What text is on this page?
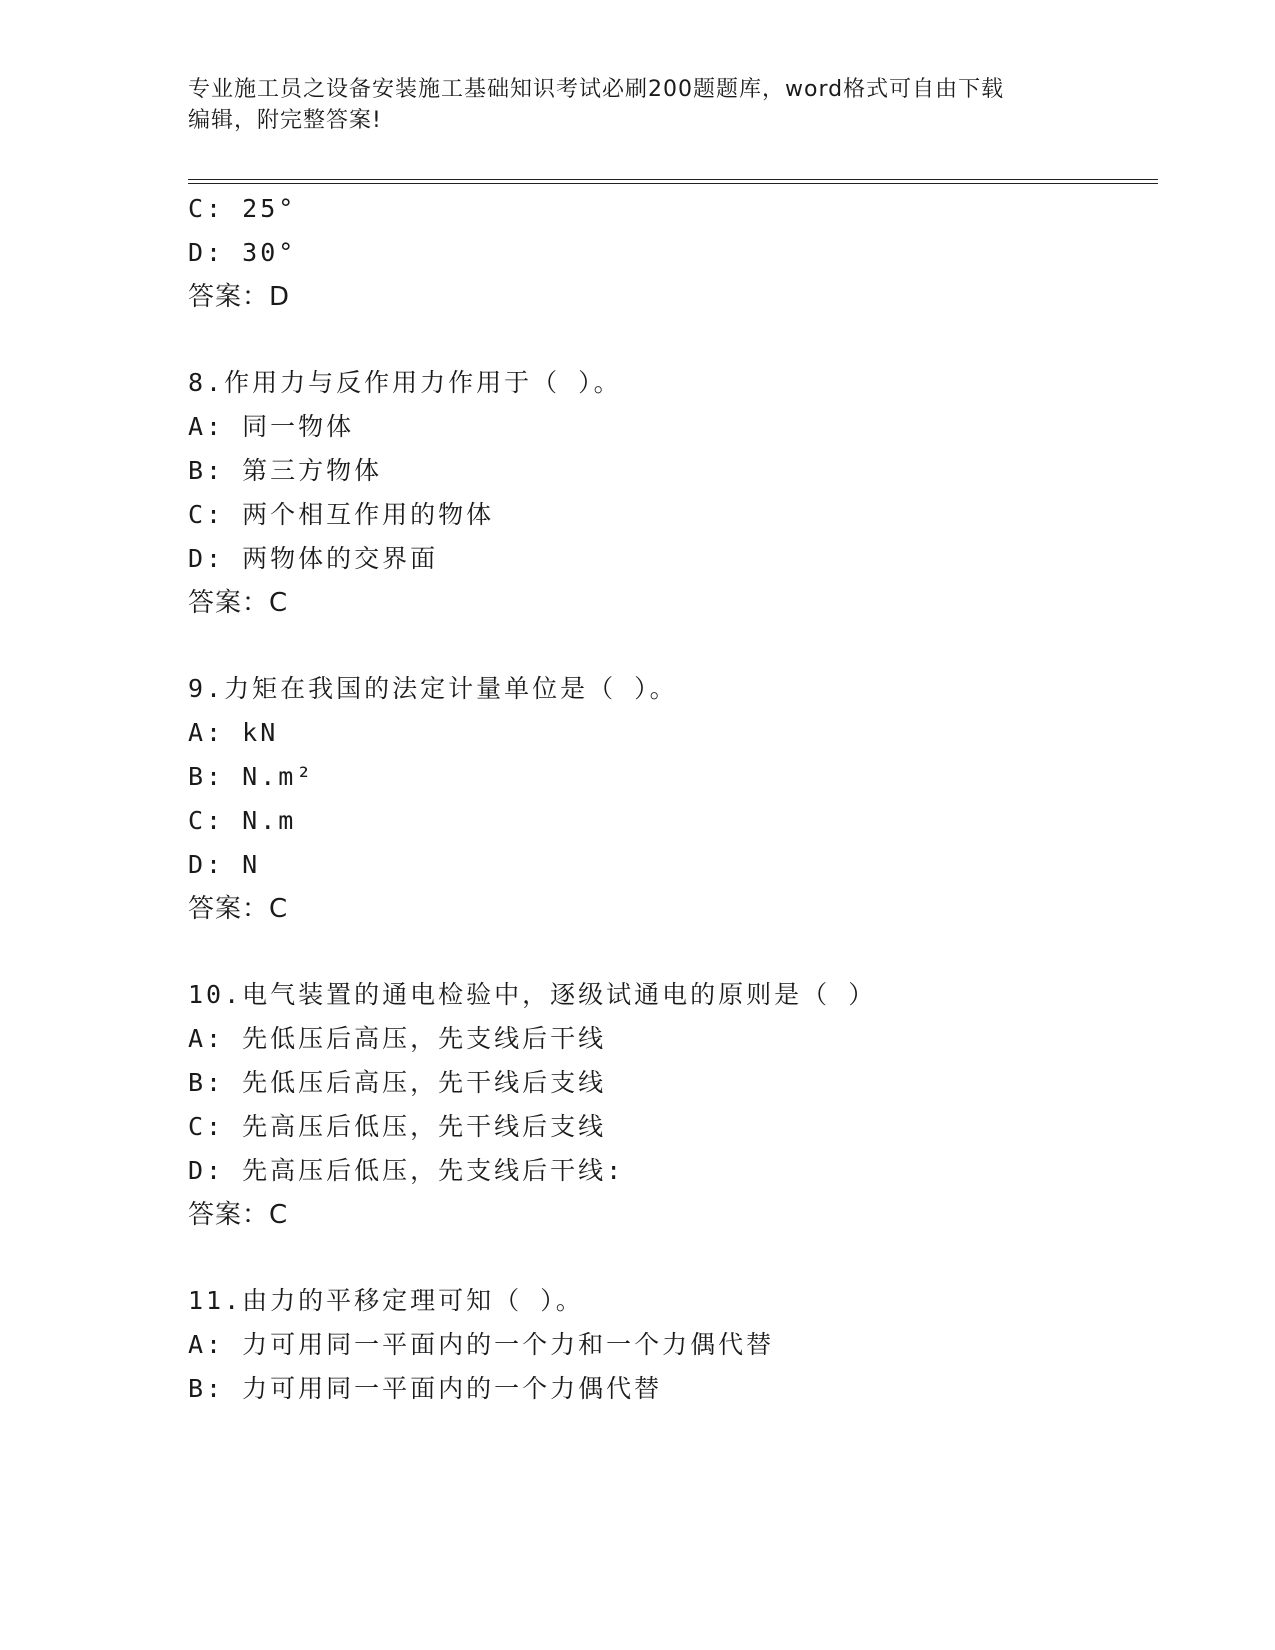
专业施工员之设备安装施工基础知识考试必刷200题题库，word格式可自由下载
编辑，附完整答案!
C: 25°
D: 30°
答案：D
8.作用力与反作用力作用于（ ）。
A: 同一物体
B: 第三方物体
C: 两个相互作用的物体
D: 两物体的交界面
答案：C
9.力矩在我国的法定计量单位是（ ）。
A: kN
B: N.m²
C: N.m
D: N
答案：C
10.电气装置的通电检验中，逐级试通电的原则是（ ）
A: 先低压后高压，先支线后干线
B: 先低压后高压，先干线后支线
C: 先高压后低压，先干线后支线
D: 先高压后低压，先支线后干线:
答案：C
11.由力的平移定理可知（ ）。
A: 力可用同一平面内的一个力和一个力偶代替
B: 力可用同一平面内的一个力偶代替
